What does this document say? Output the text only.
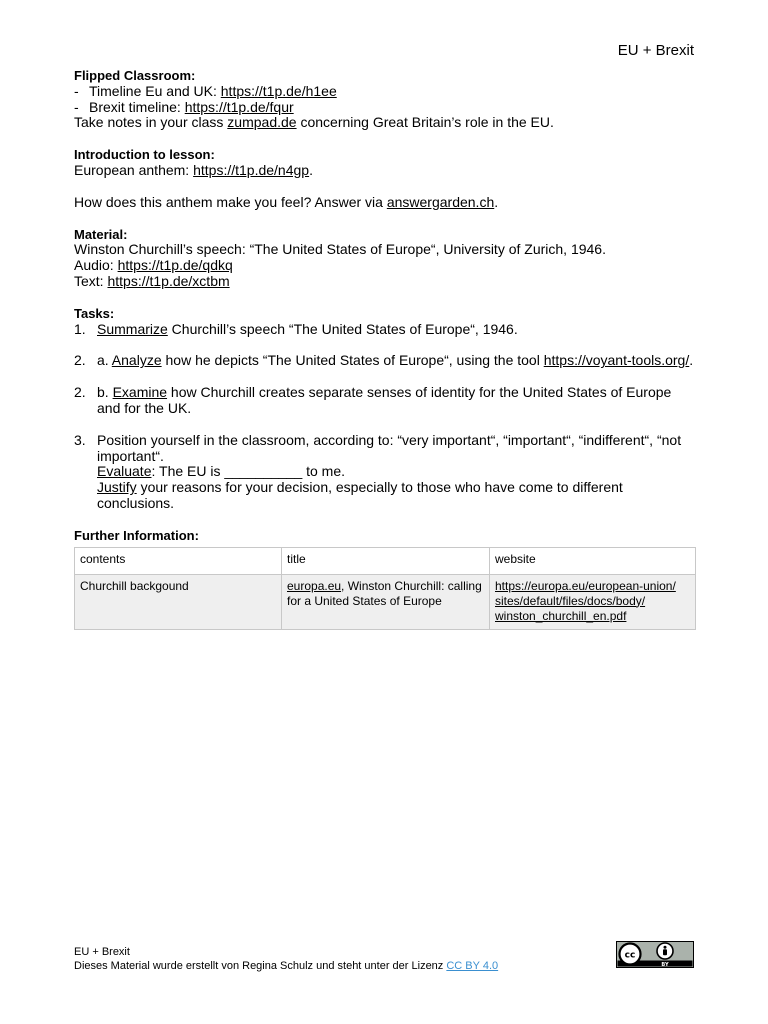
EU + Brexit
Flipped Classroom:
- Timeline Eu and UK: https://t1p.de/h1ee
- Brexit timeline: https://t1p.de/fqur
Take notes in your class zumpad.de concerning Great Britain’s role in the EU.
Introduction to lesson:
European anthem: https://t1p.de/n4gp.
How does this anthem make you feel? Answer via answergarden.ch.
Material:
Winston Churchill’s speech: “The United States of Europe“, University of Zurich, 1946.
Audio: https://t1p.de/qdkq
Text: https://t1p.de/xctbm
Tasks:
1. Summarize Churchill’s speech “The United States of Europe“, 1946.
2. a. Analyze how he depicts “The United States of Europe“, using the tool https://voyant-tools.org/.
2. b. Examine how Churchill creates separate senses of identity for the United States of Europe and for the UK.
3. Position yourself in the classroom, according to: “very important“, “important“, “indifferent“, “not important“.
Evaluate: The EU is __________ to me.
Justify your reasons for your decision, especially to those who have come to different conclusions.
Further Information:
contents	title	website
Churchill backgound	europa.eu, Winston Churchill: calling for a United States of Europe	https://europa.eu/european-union/
sites/default/files/docs/body/
winston_churchill_en.pdf
EU + Brexit
Dieses Material wurde erstellt von Regina Schulz und steht unter der Lizenz CC BY 4.0
cc
BY
